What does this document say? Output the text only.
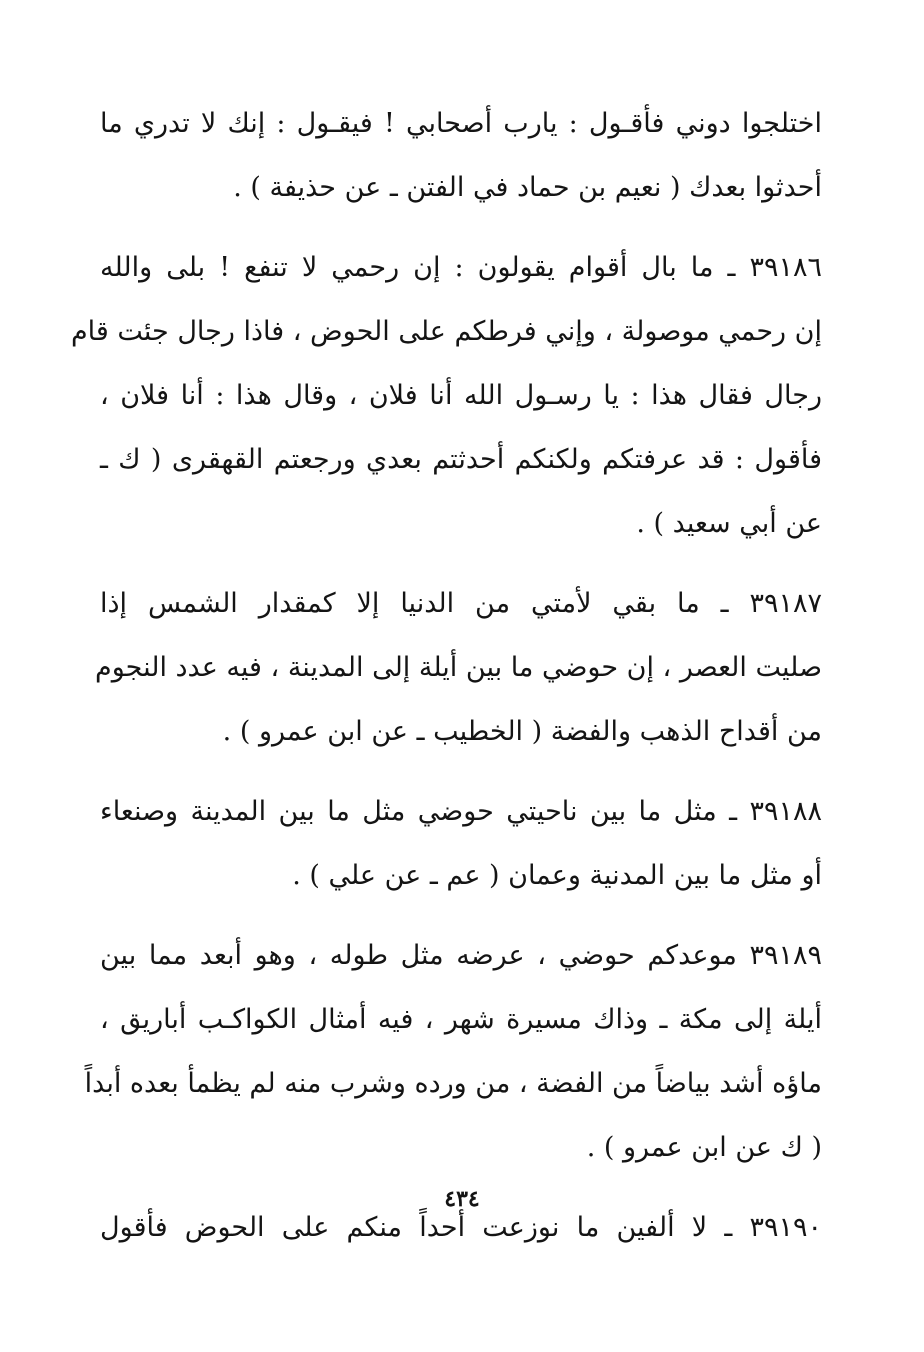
اختلجوا دوني فأقـول : يارب أصحابي ! فيقـول : إنك لا تدري ما
أحدثوا بعدك ( نعيم بن حماد في الفتن ـ عن حذيفة ) .
٣٩١٨٦ ـ ما بال أقوام يقولون : إن رحمي لا تنفع ! بلى والله
إن رحمي موصولة ، وإني فرطكم على الحوض ، فاذا رجال جئت قام
رجال فقال هذا : يا رسـول الله أنا فلان ، وقال هذا : أنا فلان ،
فأقول : قد عرفتكم ولكنكم أحدثتم بعدي ورجعتم القهقرى ( ك ـ
عن أبي سعيد ) .
٣٩١٨٧ ـ ما بقي لأمتي من الدنيا إلا كمقدار الشمس إذا
صليت العصر ، إن حوضي ما بين أيلة إلى المدينة ، فيه عدد النجوم
من أقداح الذهب والفضة ( الخطيب ـ عن ابن عمرو ) .
٣٩١٨٨ ـ مثل ما بين ناحيتي حوضي مثل ما بين المدينة وصنعاء
أو مثل ما بين المدنية وعمان ( عم ـ عن علي ) .
٣٩١٨٩ موعدكم حوضي ، عرضه مثل طوله ، وهو أبعد مما بين
أيلة إلى مكة ـ وذاك مسيرة شهر ، فيه أمثال الكواكـب أباريق ،
ماؤه أشد بياضاً من الفضة ، من ورده وشرب منه لم يظمأ بعده أبداً
( ك عن ابن عمرو ) .
٣٩١٩٠ ـ لا ألفين ما نوزعت أحداً منكم على الحوض فأقول
٤٣٤
